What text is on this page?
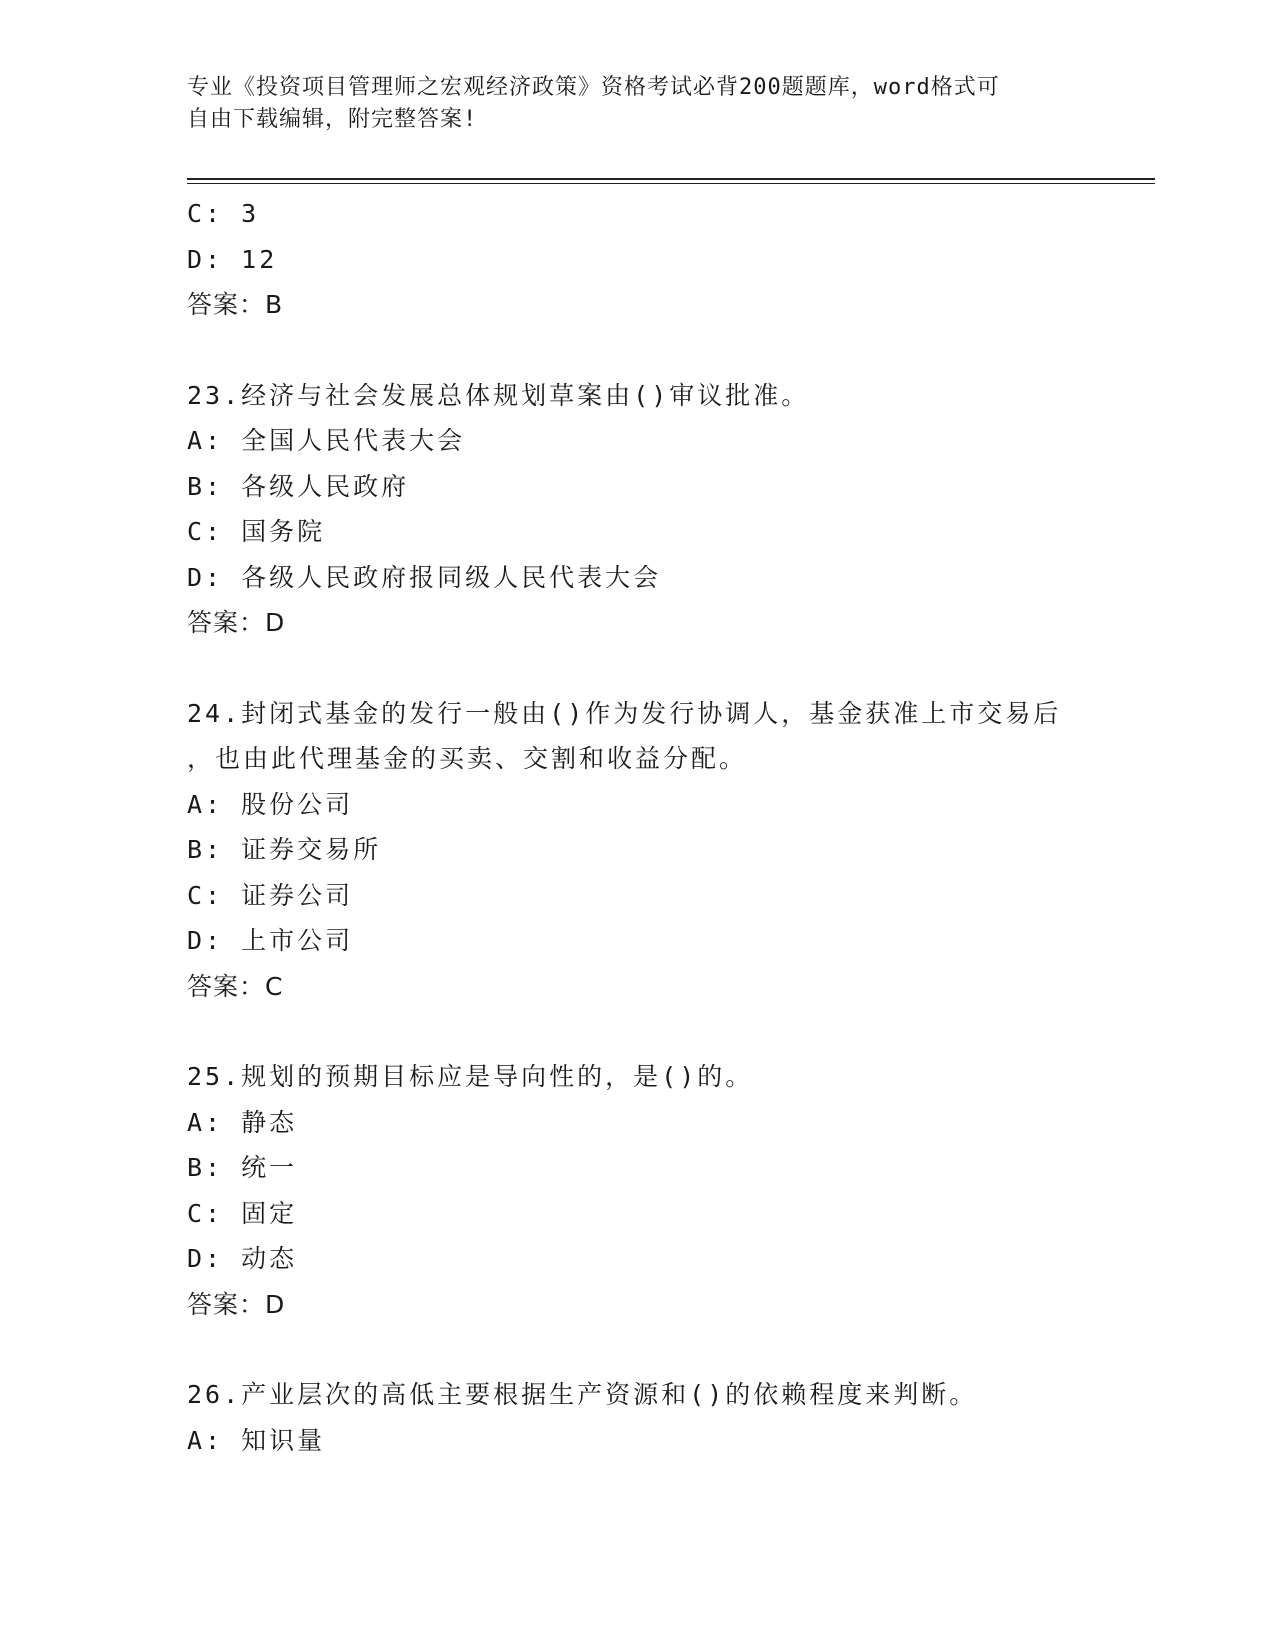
专业《投资项目管理师之宏观经济政策》资格考试必背200题题库，word格式可
自由下载编辑，附完整答案!
C: 3
D: 12
答案：B
23.经济与社会发展总体规划草案由()审议批准。
A: 全国人民代表大会
B: 各级人民政府
C: 国务院
D: 各级人民政府报同级人民代表大会
答案：D
24.封闭式基金的发行一般由()作为发行协调人，基金获准上市交易后
，也由此代理基金的买卖、交割和收益分配。
A: 股份公司
B: 证券交易所
C: 证券公司
D: 上市公司
答案：C
25.规划的预期目标应是导向性的，是()的。
A: 静态
B: 统一
C: 固定
D: 动态
答案：D
26.产业层次的高低主要根据生产资源和()的依赖程度来判断。
A: 知识量
